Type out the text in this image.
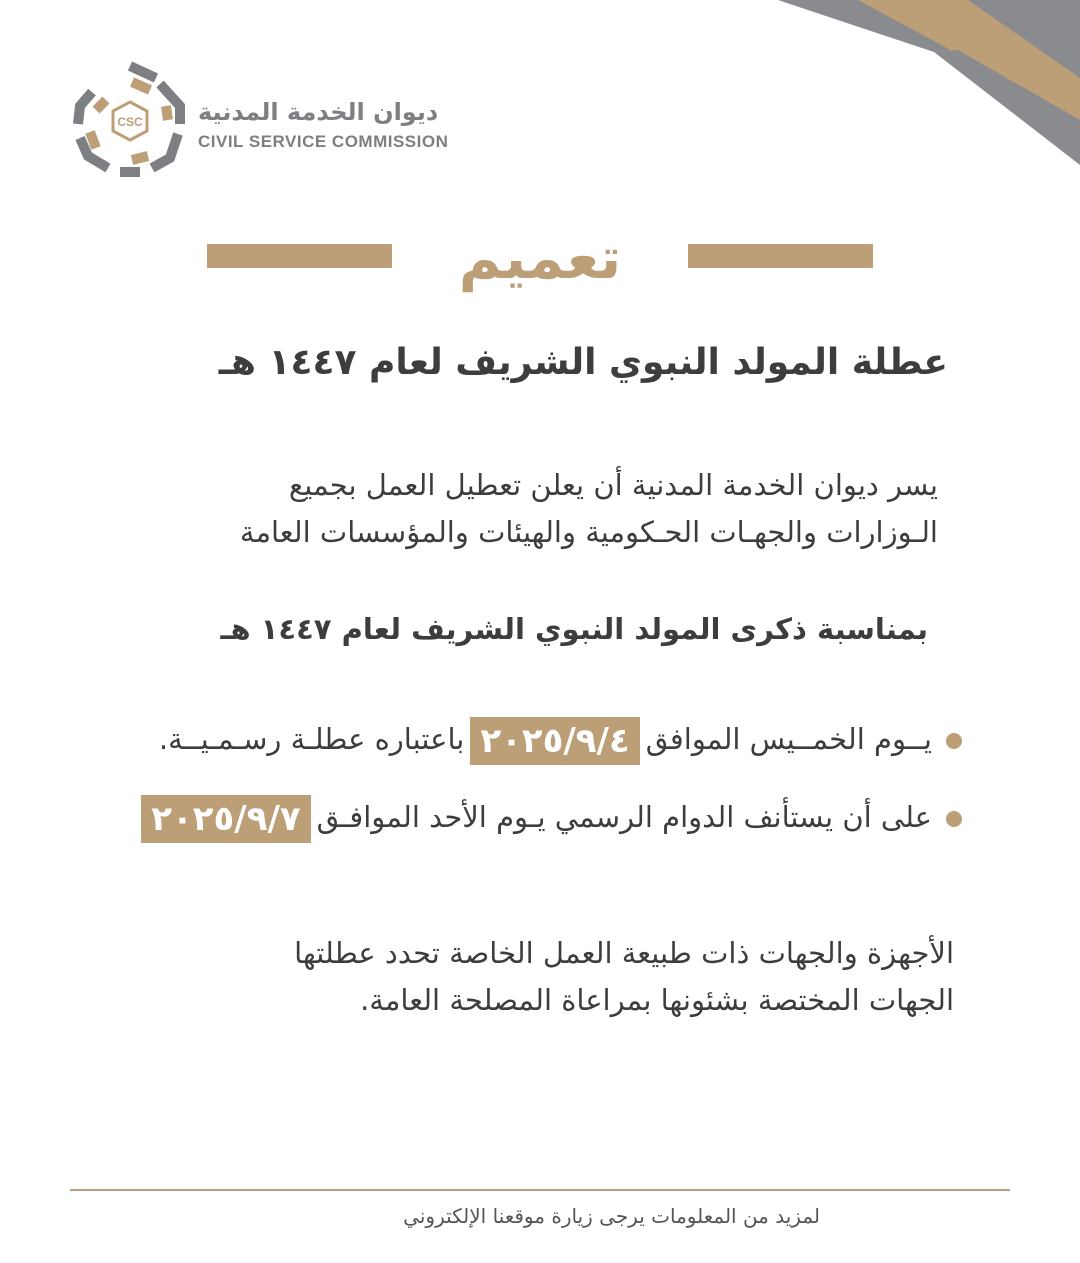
CSC ديوان الخدمة المدنية
CIVIL SERVICE COMMISSION
تعميم
عطلة المولد النبوي الشريف لعام ١٤٤٧ هـ
يسر ديوان الخدمة المدنية أن يعلن تعطيل العمل بجميع
الـوزارات والجهـات الحـكومية والهيئات والمؤسسات العامة
بمناسبة ذكرى المولد النبوي الشريف لعام ١٤٤٧ هـ
يــوم الخمــيس الموافق٢٠٢٥/٩/٤باعتباره عطلـة رسـمـيــة.
على أن يستأنف الدوام الرسمي يـوم الأحد الموافـق٢٠٢٥/٩/٧
الأجهزة والجهات ذات طبيعة العمل الخاصة تحدد عطلتها
الجهات المختصة بشئونها بمراعاة المصلحة العامة.
لمزيد من المعلومات يرجى زيارة موقعنا الإلكتروني
